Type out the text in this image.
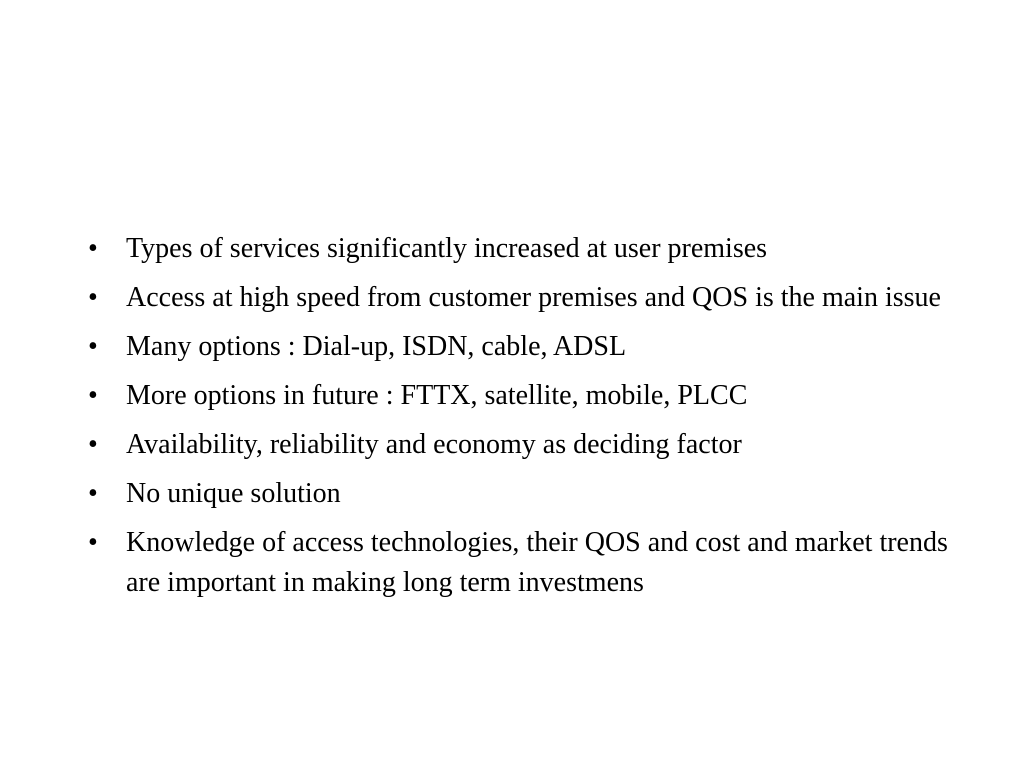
•	Types of services significantly increased at user premises
•	Access at high speed from customer premises and QOS is the main issue
•	Many options : Dial-up, ISDN, cable, ADSL
•	More options in future : FTTX, satellite, mobile, PLCC
•	Availability, reliability and economy as deciding factor
•	No unique solution
•	Knowledge of access technologies, their QOS and cost and market trends are important in making long term investmens
